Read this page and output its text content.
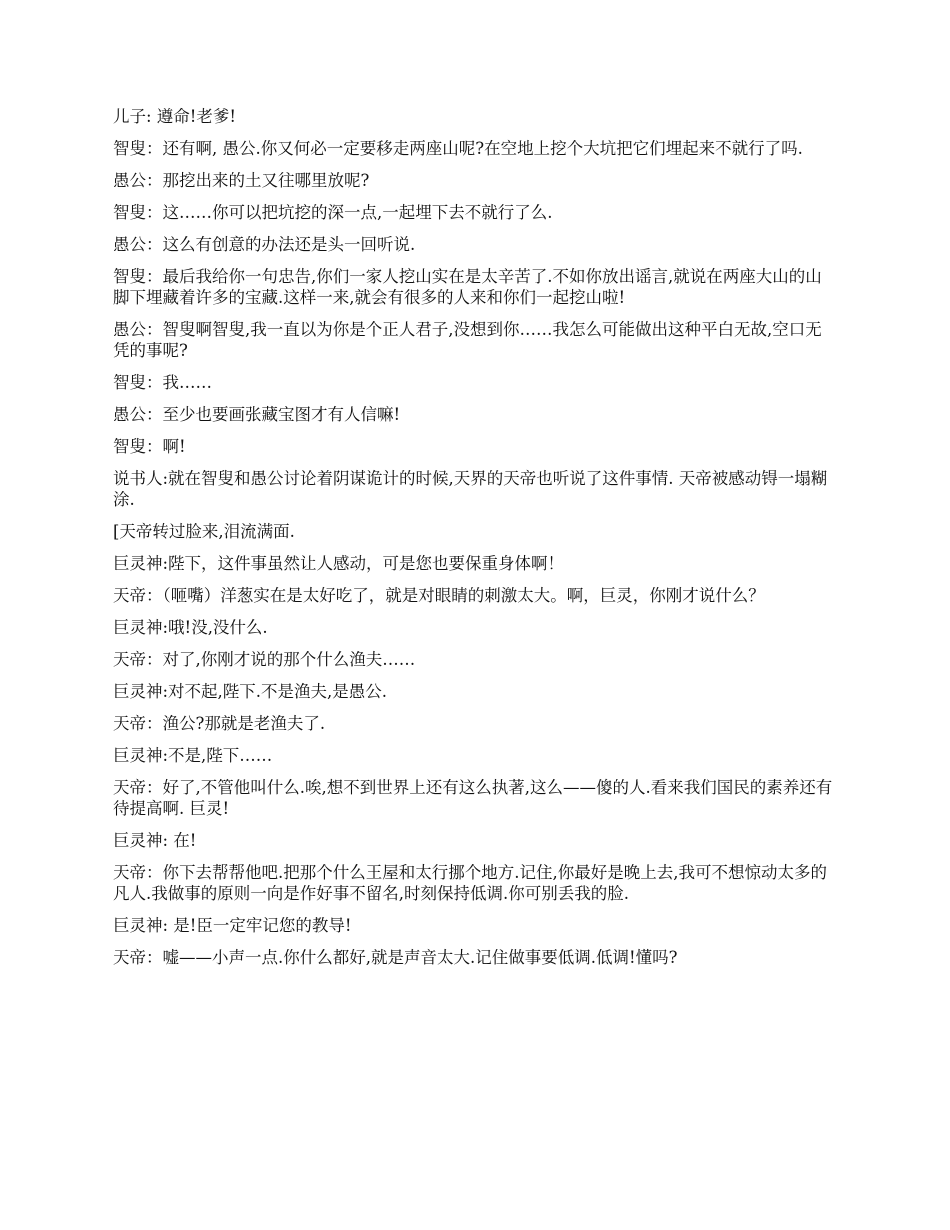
儿子: 遵命!老爹!

智叟：还有啊, 愚公.你又何必一定要移走两座山呢?在空地上挖个大坑把它们埋起来不就行了吗.

愚公：那挖出来的土又往哪里放呢?

智叟：这……你可以把坑挖的深一点,一起埋下去不就行了么.

愚公：这么有创意的办法还是头一回听说.

智叟：最后我给你一句忠告,你们一家人挖山实在是太辛苦了.不如你放出谣言,就说在两座大山的山脚下埋藏着许多的宝藏.这样一来,就会有很多的人来和你们一起挖山啦!

愚公：智叟啊智叟,我一直以为你是个正人君子,没想到你……我怎么可能做出这种平白无故,空口无凭的事呢?

智叟：我……

愚公：至少也要画张藏宝图才有人信嘛!

智叟：啊!

说书人:就在智叟和愚公讨论着阴谋诡计的时候,天界的天帝也听说了这件事情. 天帝被感动锝一塌糊涂.

[天帝转过脸来,泪流满面.

巨灵神:陛下，这件事虽然让人感动，可是您也要保重身体啊！

天帝：（咂嘴）洋葱实在是太好吃了，就是对眼睛的刺激太大。啊，巨灵，你刚才说什么？

巨灵神:哦!没,没什么.

天帝：对了,你刚才说的那个什么渔夫……

巨灵神:对不起,陛下.不是渔夫,是愚公.

天帝：渔公?那就是老渔夫了.

巨灵神:不是,陛下……

天帝：好了,不管他叫什么.唉,想不到世界上还有这么执著,这么——傻的人.看来我们国民的素养还有待提高啊. 巨灵!

巨灵神: 在!

天帝：你下去帮帮他吧.把那个什么王屋和太行挪个地方.记住,你最好是晚上去,我可不想惊动太多的凡人.我做事的原则一向是作好事不留名,时刻保持低调.你可别丢我的脸.

巨灵神: 是!臣一定牢记您的教导!

天帝：嘘——小声一点.你什么都好,就是声音太大.记住做事要低调.低调!懂吗?
